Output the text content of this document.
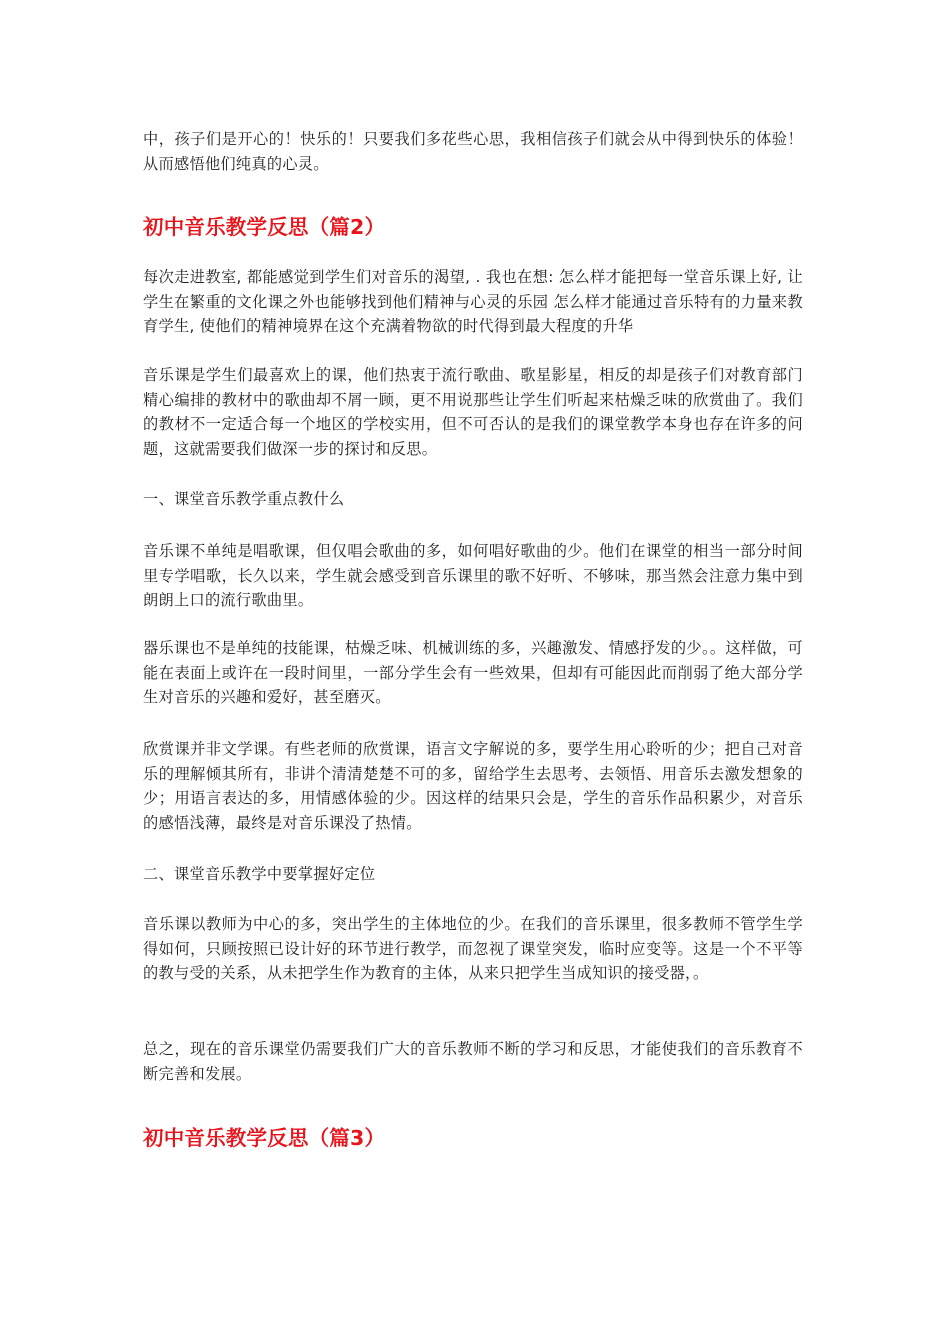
中，孩子们是开心的！快乐的！只要我们多花些心思，我相信孩子们就会从中得到快乐的体验！从而感悟他们纯真的心灵。

初中音乐教学反思（篇2）

每次走进教室, 都能感觉到学生们对音乐的渴望, . 我也在想: 怎么样才能把每一堂音乐课上好, 让学生在繁重的文化课之外也能够找到他们精神与心灵的乐园 怎么样才能通过音乐特有的力量来教育学生, 使他们的精神境界在这个充满着物欲的时代得到最大程度的升华

音乐课是学生们最喜欢上的课，他们热衷于流行歌曲、歌星影星，相反的却是孩子们对教育部门精心编排的教材中的歌曲却不屑一顾，更不用说那些让学生们听起来枯燥乏味的欣赏曲了。我们的教材不一定适合每一个地区的学校实用，但不可否认的是我们的课堂教学本身也存在许多的问题，这就需要我们做深一步的探讨和反思。

一、课堂音乐教学重点教什么

音乐课不单纯是唱歌课，但仅唱会歌曲的多，如何唱好歌曲的少。他们在课堂的相当一部分时间里专学唱歌，长久以来，学生就会感受到音乐课里的歌不好听、不够味，那当然会注意力集中到朗朗上口的流行歌曲里。

器乐课也不是单纯的技能课，枯燥乏味、机械训练的多，兴趣激发、情感抒发的少。。这样做，可能在表面上或许在一段时间里，一部分学生会有一些效果，但却有可能因此而削弱了绝大部分学生对音乐的兴趣和爱好，甚至磨灭。

欣赏课并非文学课。有些老师的欣赏课，语言文字解说的多，要学生用心聆听的少；把自己对音乐的理解倾其所有，非讲个清清楚楚不可的多，留给学生去思考、去领悟、用音乐去激发想象的少；用语言表达的多，用情感体验的少。因这样的结果只会是，学生的音乐作品积累少，对音乐的感悟浅薄，最终是对音乐课没了热情。

二、课堂音乐教学中要掌握好定位

音乐课以教师为中心的多，突出学生的主体地位的少。在我们的音乐课里，很多教师不管学生学得如何，只顾按照已设计好的环节进行教学，而忽视了课堂突发，临时应变等。这是一个不平等的教与受的关系，从未把学生作为教育的主体，从来只把学生当成知识的接受器，。

总之，现在的音乐课堂仍需要我们广大的音乐教师不断的学习和反思，才能使我们的音乐教育不断完善和发展。

初中音乐教学反思（篇3）
